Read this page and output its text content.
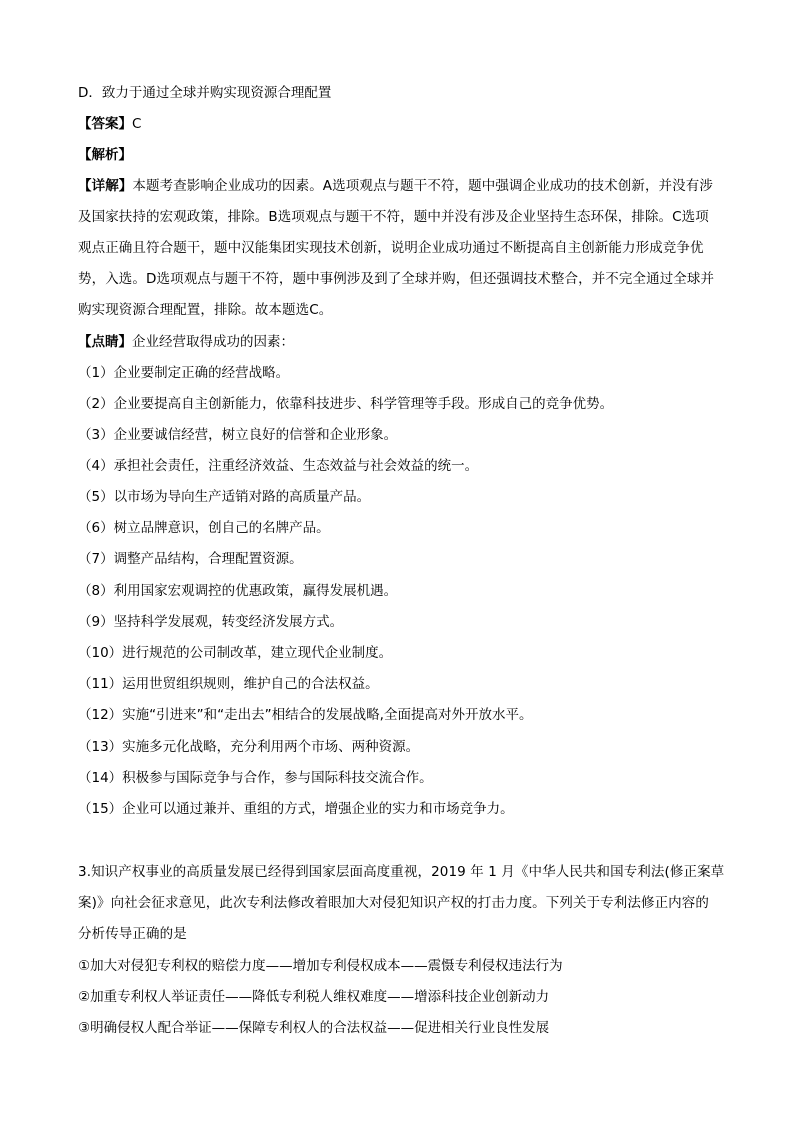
D．致力于通过全球并购实现资源合理配置
【答案】C
【解析】
【详解】本题考查影响企业成功的因素。A选项观点与题干不符，题中强调企业成功的技术创新，并没有涉
及国家扶持的宏观政策，排除。B选项观点与题干不符，题中并没有涉及企业坚持生态环保，排除。C选项
观点正确且符合题干，题中汉能集团实现技术创新，说明企业成功通过不断提高自主创新能力形成竞争优
势，入选。D选项观点与题干不符，题中事例涉及到了全球并购，但还强调技术整合，并不完全通过全球并
购实现资源合理配置，排除。故本题选C。
【点睛】企业经营取得成功的因素：
（1）企业要制定正确的经营战略。
（2）企业要提高自主创新能力，依靠科技进步、科学管理等手段。形成自己的竞争优势。
（3）企业要诚信经营，树立良好的信誉和企业形象。
（4）承担社会责任，注重经济效益、生态效益与社会效益的统一。
（5）以市场为导向生产适销对路的高质量产品。
（6）树立品牌意识，创自己的名牌产品。
（7）调整产品结构，合理配置资源。
（8）利用国家宏观调控的优惠政策，赢得发展机遇。
（9）坚持科学发展观，转变经济发展方式。
（10）进行规范的公司制改革，建立现代企业制度。
（11）运用世贸组织规则，维护自己的合法权益。
（12）实施“引进来”和“走出去”相结合的发展战略,全面提高对外开放水平。
（13）实施多元化战略，充分利用两个市场、两种资源。
（14）积极参与国际竞争与合作，参与国际科技交流合作。
（15）企业可以通过兼并、重组的方式，增强企业的实力和市场竞争力。
3.知识产权事业的高质量发展已经得到国家层面高度重视，2019 年 1 月《中华人民共和国专利法(修正案草
案)》向社会征求意见，此次专利法修改着眼加大对侵犯知识产权的打击力度。下列关于专利法修正内容的
分析传导正确的是
①加大对侵犯专利权的赔偿力度——增加专利侵权成本——震慑专利侵权违法行为
②加重专利权人举证责任——降低专利税人维权难度——增添科技企业创新动力
③明确侵权人配合举证——保障专利权人的合法权益——促进相关行业良性发展
